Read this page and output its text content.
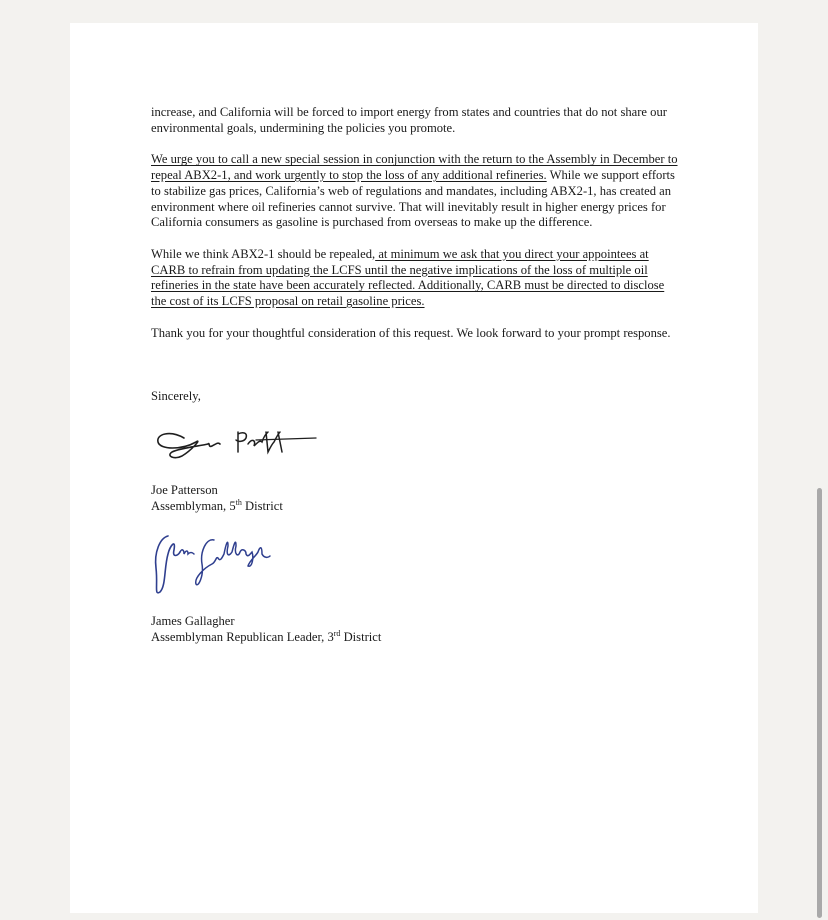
increase, and California will be forced to import energy from states and countries that do not share our environmental goals, undermining the policies you promote.

We urge you to call a new special session in conjunction with the return to the Assembly in December to repeal ABX2-1, and work urgently to stop the loss of any additional refineries. While we support efforts to stabilize gas prices, California’s web of regulations and mandates, including ABX2-1, has created an environment where oil refineries cannot survive. That will inevitably result in higher energy prices for California consumers as gasoline is purchased from overseas to make up the difference.

While we think ABX2-1 should be repealed, at minimum we ask that you direct your appointees at CARB to refrain from updating the LCFS until the negative implications of the loss of multiple oil refineries in the state have been accurately reflected. Additionally, CARB must be directed to disclose the cost of its LCFS proposal on retail gasoline prices.

Thank you for your thoughtful consideration of this request. We look forward to your prompt response.

Sincerely,
Joe Patterson
Assemblyman, 5th District
James Gallagher
Assemblyman Republican Leader, 3rd District
